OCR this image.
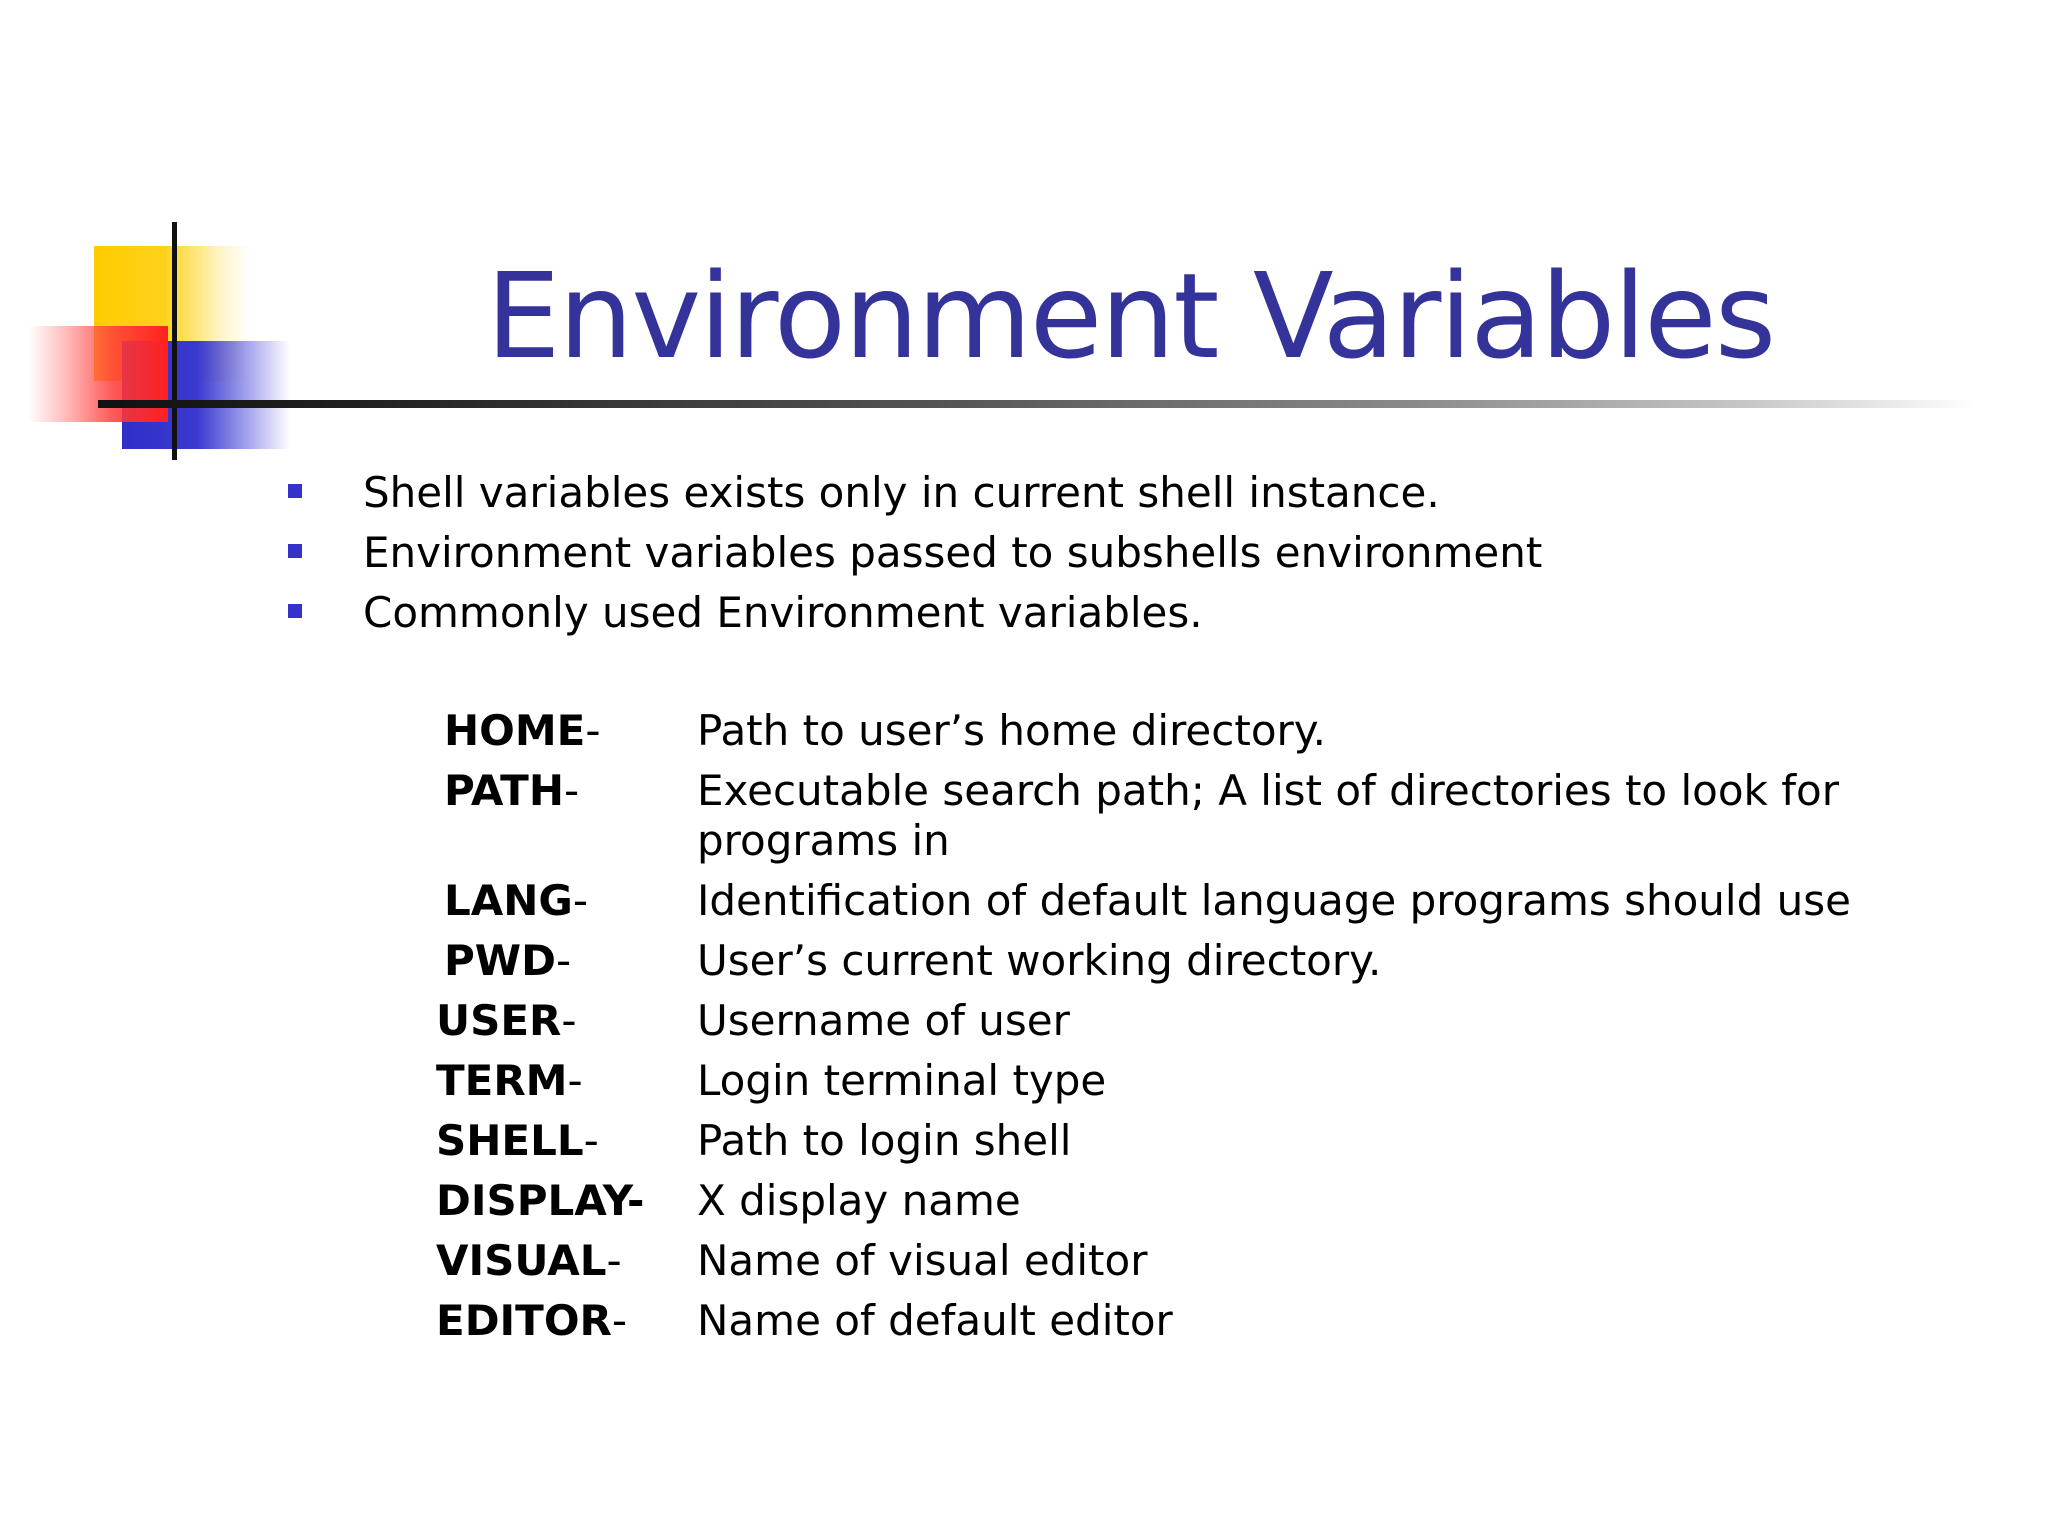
Environment Variables
Shell variables exists only in current shell instance.
Environment variables passed to subshells environment
Commonly used Environment variables.
HOME- Path to user’s home directory.
PATH-	Executable search path; A list of directories to look for
programs in
LANG-	Identification of default language programs should use
PWD-	User’s current working directory.
USER-	Username of user
TERM-	Login terminal type
SHELL- Path to login shell
DISPLAY- X display name
VISUAL- Name of visual editor
EDITOR- Name of default editor
